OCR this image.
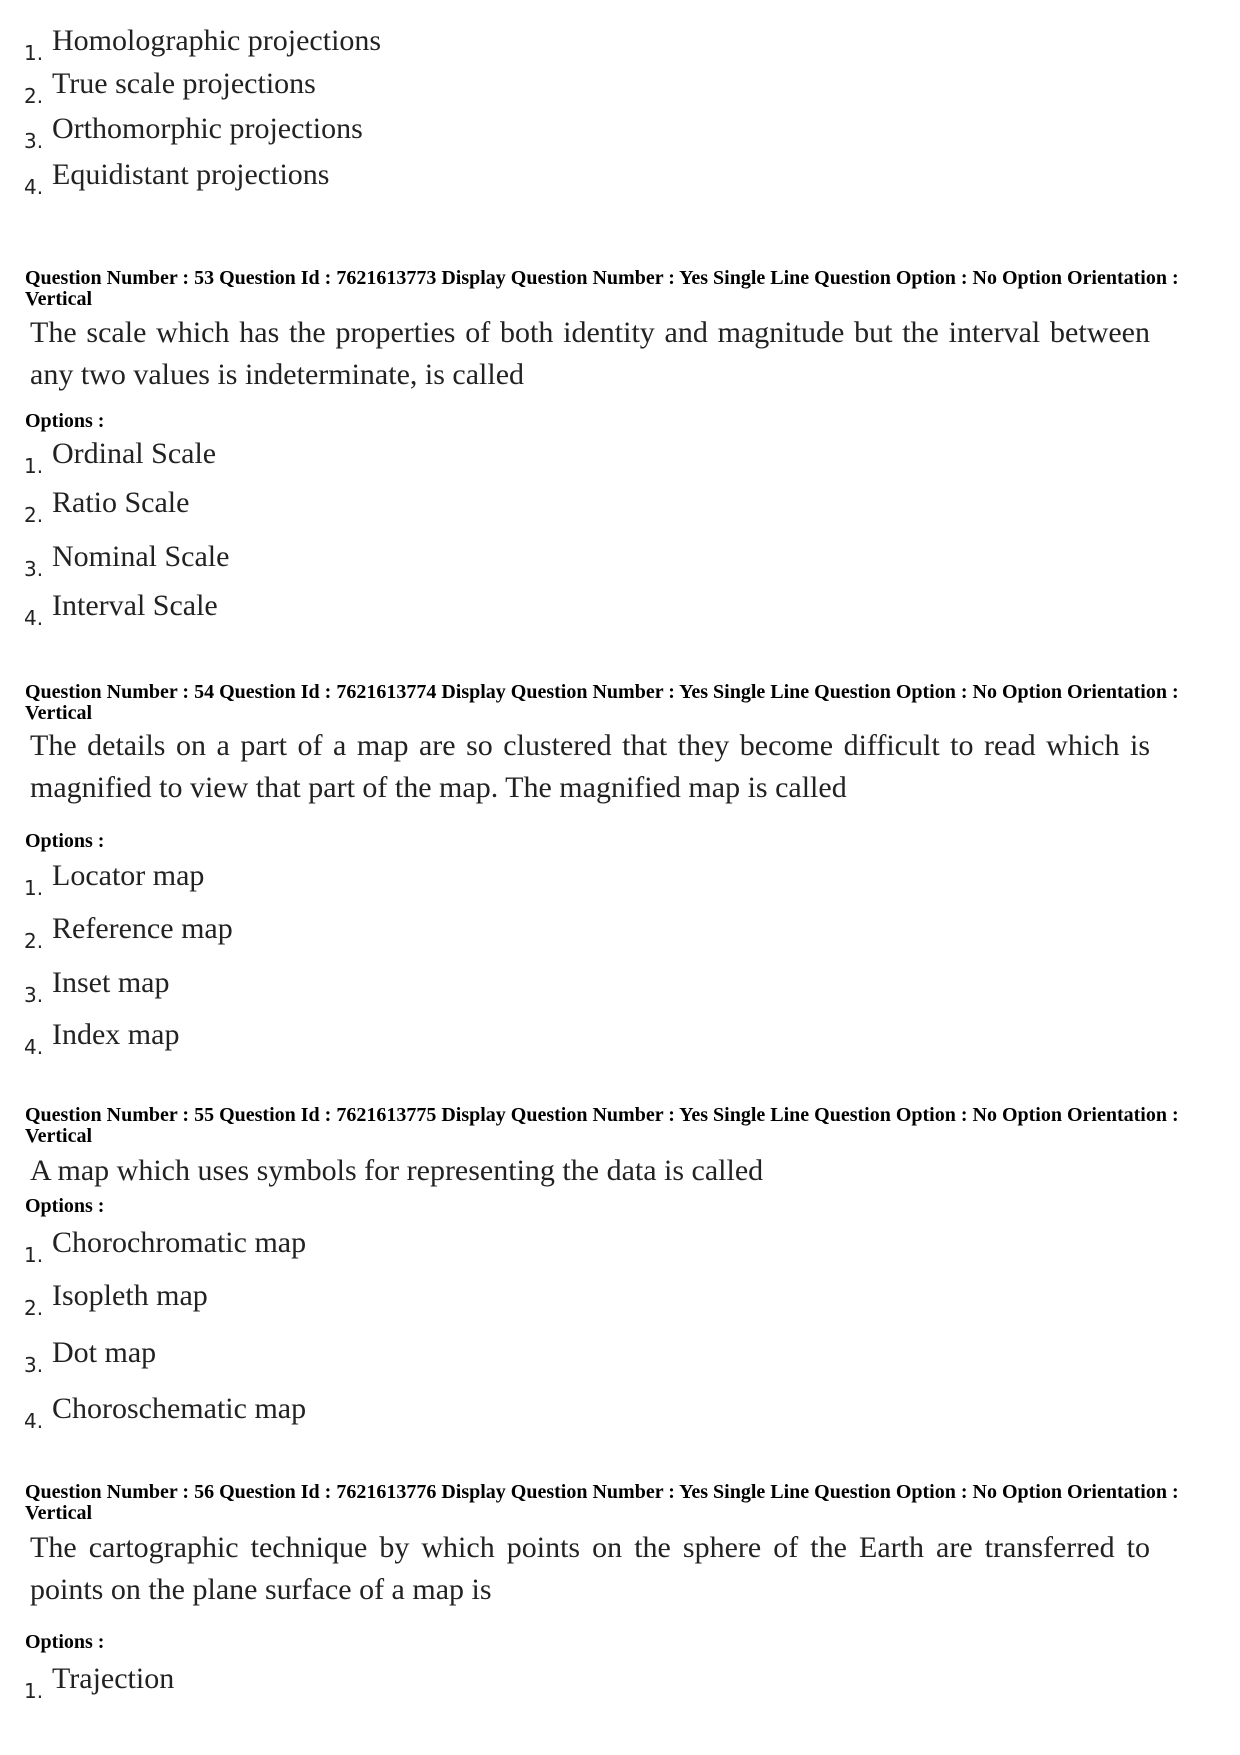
1. Homolographic projections
2. True scale projections
3. Orthomorphic projections
4. Equidistant projections
Question Number : 53 Question Id : 7621613773 Display Question Number : Yes Single Line Question Option : No Option Orientation : Vertical
The scale which has the properties of both identity and magnitude but the interval between any two values is indeterminate, is called
Options :
1. Ordinal Scale
2. Ratio Scale
3. Nominal Scale
4. Interval Scale
Question Number : 54 Question Id : 7621613774 Display Question Number : Yes Single Line Question Option : No Option Orientation : Vertical
The details on a part of a map are so clustered that they become difficult to read which is magnified to view that part of the map. The magnified map is called
Options :
1. Locator map
2. Reference map
3. Inset map
4. Index map
Question Number : 55 Question Id : 7621613775 Display Question Number : Yes Single Line Question Option : No Option Orientation : Vertical
A map which uses symbols for representing the data is called
Options :
1. Chorochromatic map
2. Isopleth map
3. Dot map
4. Choroschematic map
Question Number : 56 Question Id : 7621613776 Display Question Number : Yes Single Line Question Option : No Option Orientation : Vertical
The cartographic technique by which points on the sphere of the Earth are transferred to points on the plane surface of a map is
Options :
1. Trajection
